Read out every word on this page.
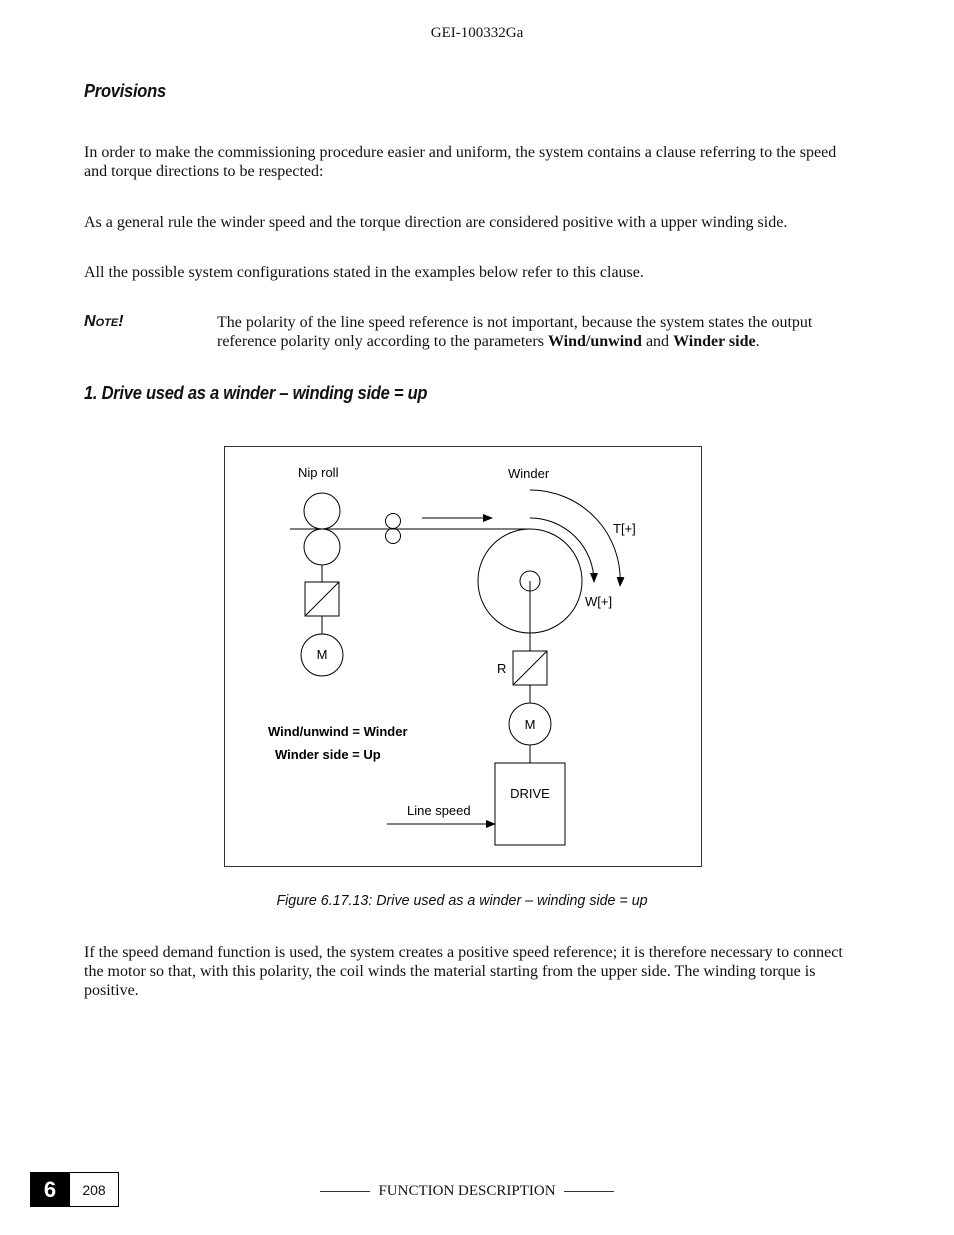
GEI-100332Ga
Provisions
In order to make the commissioning procedure easier and uniform, the system contains a clause referring to the speed and torque directions to be respected:
As a general rule the winder speed and the torque direction are considered positive with a upper winding side.
All the possible system configurations stated in the examples below refer to this clause.
NOTE!	The polarity of the line speed reference is not important, because the system states the output reference polarity only according to the parameters Wind/unwind and Winder side.
1. Drive used as a winder – winding side = up
Nip roll	Winder
M
T[+]
W[+]
R
M
DRIVE
Line speed
Wind/unwind = Winder
Winder side = Up
Figure 6.17.13: Drive used as a winder – winding side = up
If the speed demand function is used, the system creates a positive speed reference; it is therefore necessary to connect the motor so that, with this polarity, the coil winds the material starting from the upper side. The winding torque is positive.
6	208	FUNCTION DESCRIPTION
